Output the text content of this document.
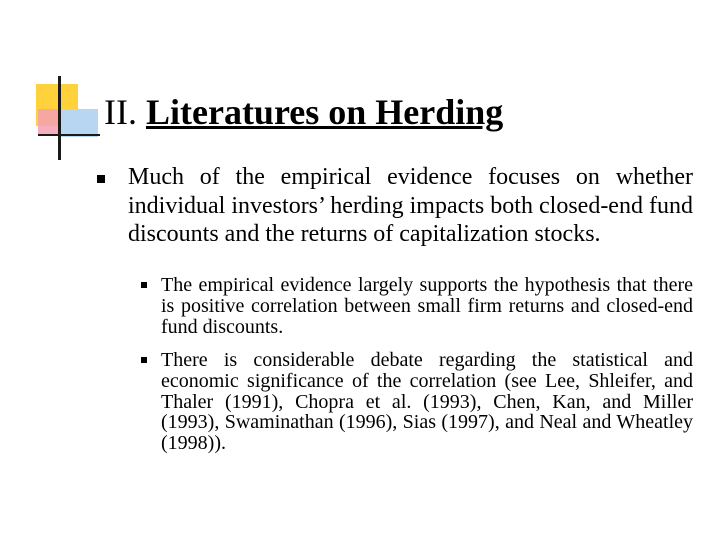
II. Literatures on Herding
Much of the empirical evidence focuses on whether individual investors’ herding impacts both closed-end fund discounts and the returns of capitalization stocks.
The empirical evidence largely supports the hypothesis that there is positive correlation between small firm returns and closed-end fund discounts.
There is considerable debate regarding the statistical and economic significance of the correlation (see Lee, Shleifer, and Thaler (1991), Chopra et al. (1993), Chen, Kan, and Miller (1993), Swaminathan (1996), Sias (1997), and Neal and Wheatley (1998)).
